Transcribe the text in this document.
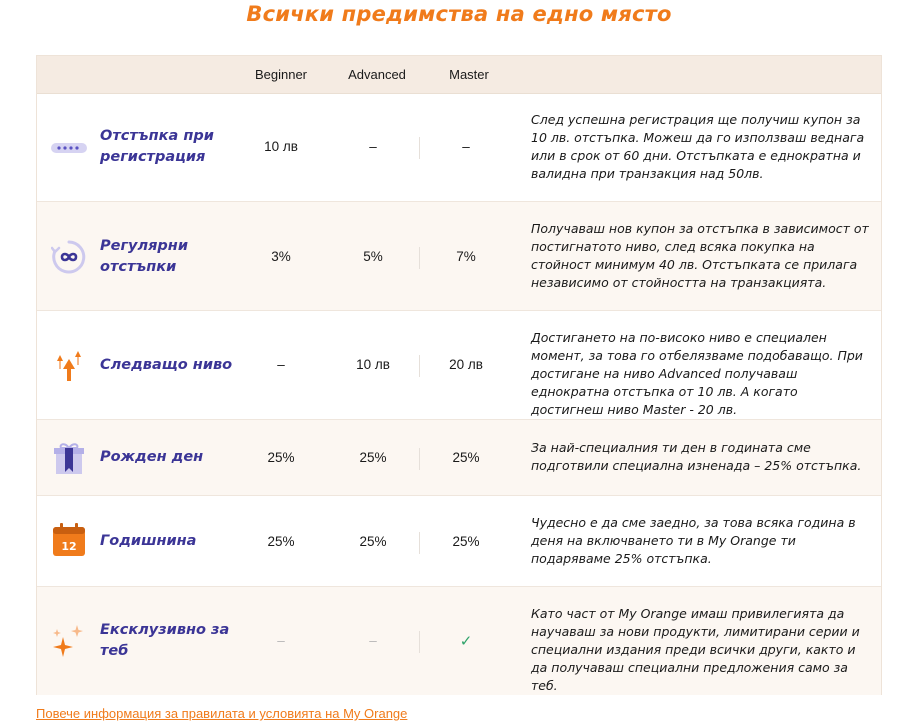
Всички предимства на едно място
Beginner	Advanced	Master
Отстъпка при регистрация
10 лв	–	–
След успешна регистрация ще получиш купон за 10 лв. отстъпка. Можеш да го използваш веднага или в срок от 60 дни. Отстъпката е еднократна и валидна при транзакция над 50лв.
Регулярни отстъпки
3%	5%	7%
Получаваш нов купон за отстъпка в зависимост от постигнатото ниво, след всяка покупка на стойност минимум 40 лв. Отстъпката се прилага независимо от стойността на транзакцията.
Следващо ниво	–	10 лв	20 лв
Достигането на по-високо ниво е специален момент, за това го отбелязваме подобаващо. При достигане на ниво Advanced получаваш еднократна отстъпка от 10 лв. А когато достигнеш ниво Master - 20 лв.
Рожден ден	25%	25%	25%
За най-специалния ти ден в годината сме подготвили специална изненада – 25% отстъпка.
12 Годишнина	25%	25%	25%
Чудесно е да сме заедно, за това всяка година в деня на включването ти в My Orange ти подаряваме 25% отстъпка.
Ексклузивно за теб
–	–	✓
Като част от My Orange имаш привилегията да научаваш за нови продукти, лимитирани серии и специални издания преди всички други, както и да получаваш специални предложения само за теб.
Повече информация за правилата и условията на My Orange
